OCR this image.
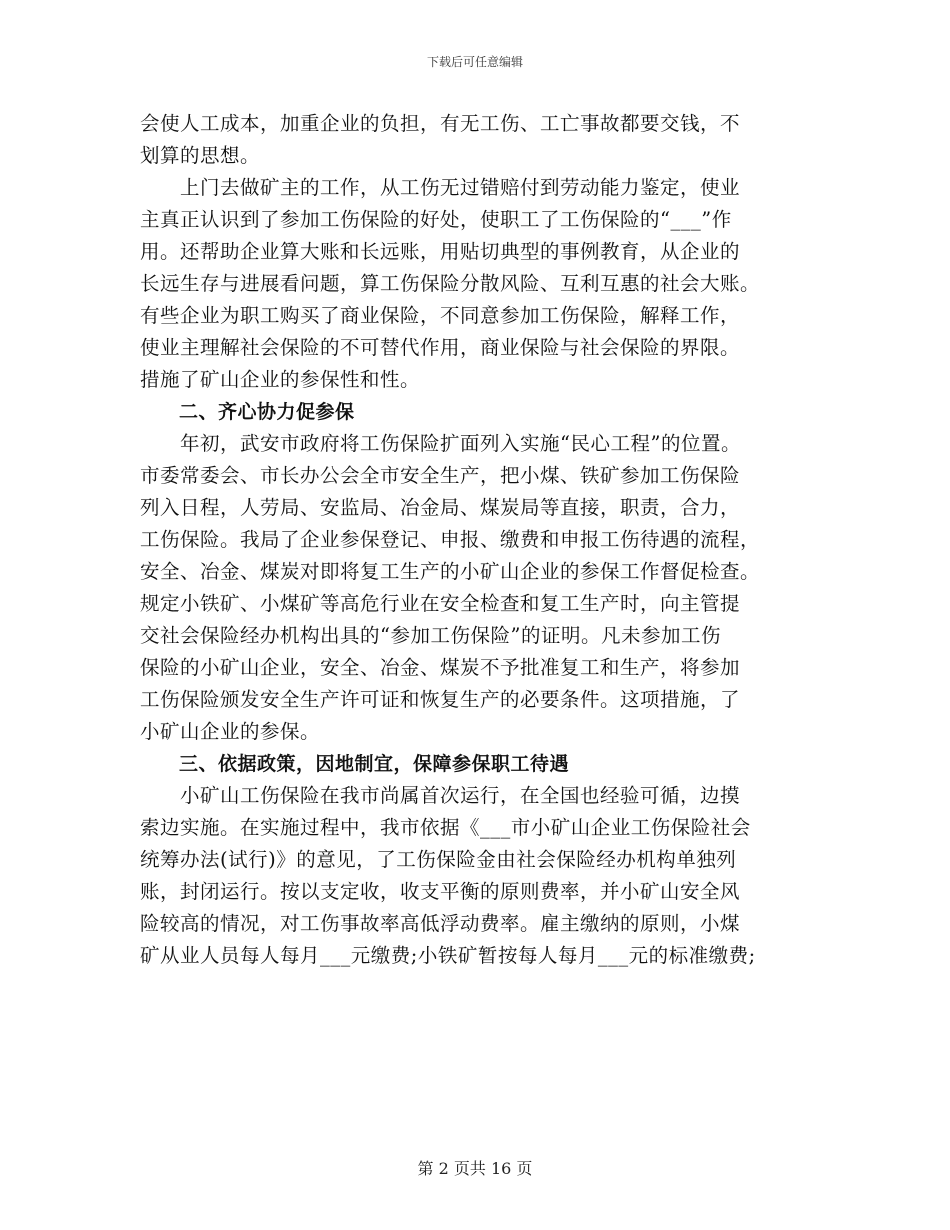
下载后可任意编辑
会使人工成本，加重企业的负担，有无工伤、工亡事故都要交钱，不
划算的思想。
　　上门去做矿主的工作，从工伤无过错赔付到劳动能力鉴定，使业
主真正认识到了参加工伤保险的好处，使职工了工伤保险的“___”作
用。还帮助企业算大账和长远账，用贴切典型的事例教育，从企业的
长远生存与进展看问题，算工伤保险分散风险、互利互惠的社会大账。
有些企业为职工购买了商业保险，不同意参加工伤保险，解释工作，
使业主理解社会保险的不可替代作用，商业保险与社会保险的界限。
措施了矿山企业的参保性和性。
　　二、齐心协力促参保
　　年初，武安市政府将工伤保险扩面列入实施“民心工程”的位置。
市委常委会、市长办公会全市安全生产，把小煤、铁矿参加工伤保险
列入日程，人劳局、安监局、冶金局、煤炭局等直接，职责，合力，
工伤保险。我局了企业参保登记、申报、缴费和申报工伤待遇的流程，
安全、冶金、煤炭对即将复工生产的小矿山企业的参保工作督促检查。
规定小铁矿、小煤矿等高危行业在安全检查和复工生产时，向主管提
交社会保险经办机构出具的“参加工伤保险”的证明。凡未参加工伤
保险的小矿山企业，安全、冶金、煤炭不予批准复工和生产，将参加
工伤保险颁发安全生产许可证和恢复生产的必要条件。这项措施，了
小矿山企业的参保。
　　三、依据政策，因地制宜，保障参保职工待遇
　　小矿山工伤保险在我市尚属首次运行，在全国也经验可循，边摸
索边实施。在实施过程中，我市依据《___市小矿山企业工伤保险社会
统筹办法(试行)》的意见，了工伤保险金由社会保险经办机构单独列
账，封闭运行。按以支定收，收支平衡的原则费率，并小矿山安全风
险较高的情况，对工伤事故率高低浮动费率。雇主缴纳的原则，小煤
矿从业人员每人每月___元缴费;小铁矿暂按每人每月___元的标准缴费;
第 2 页共 16 页
